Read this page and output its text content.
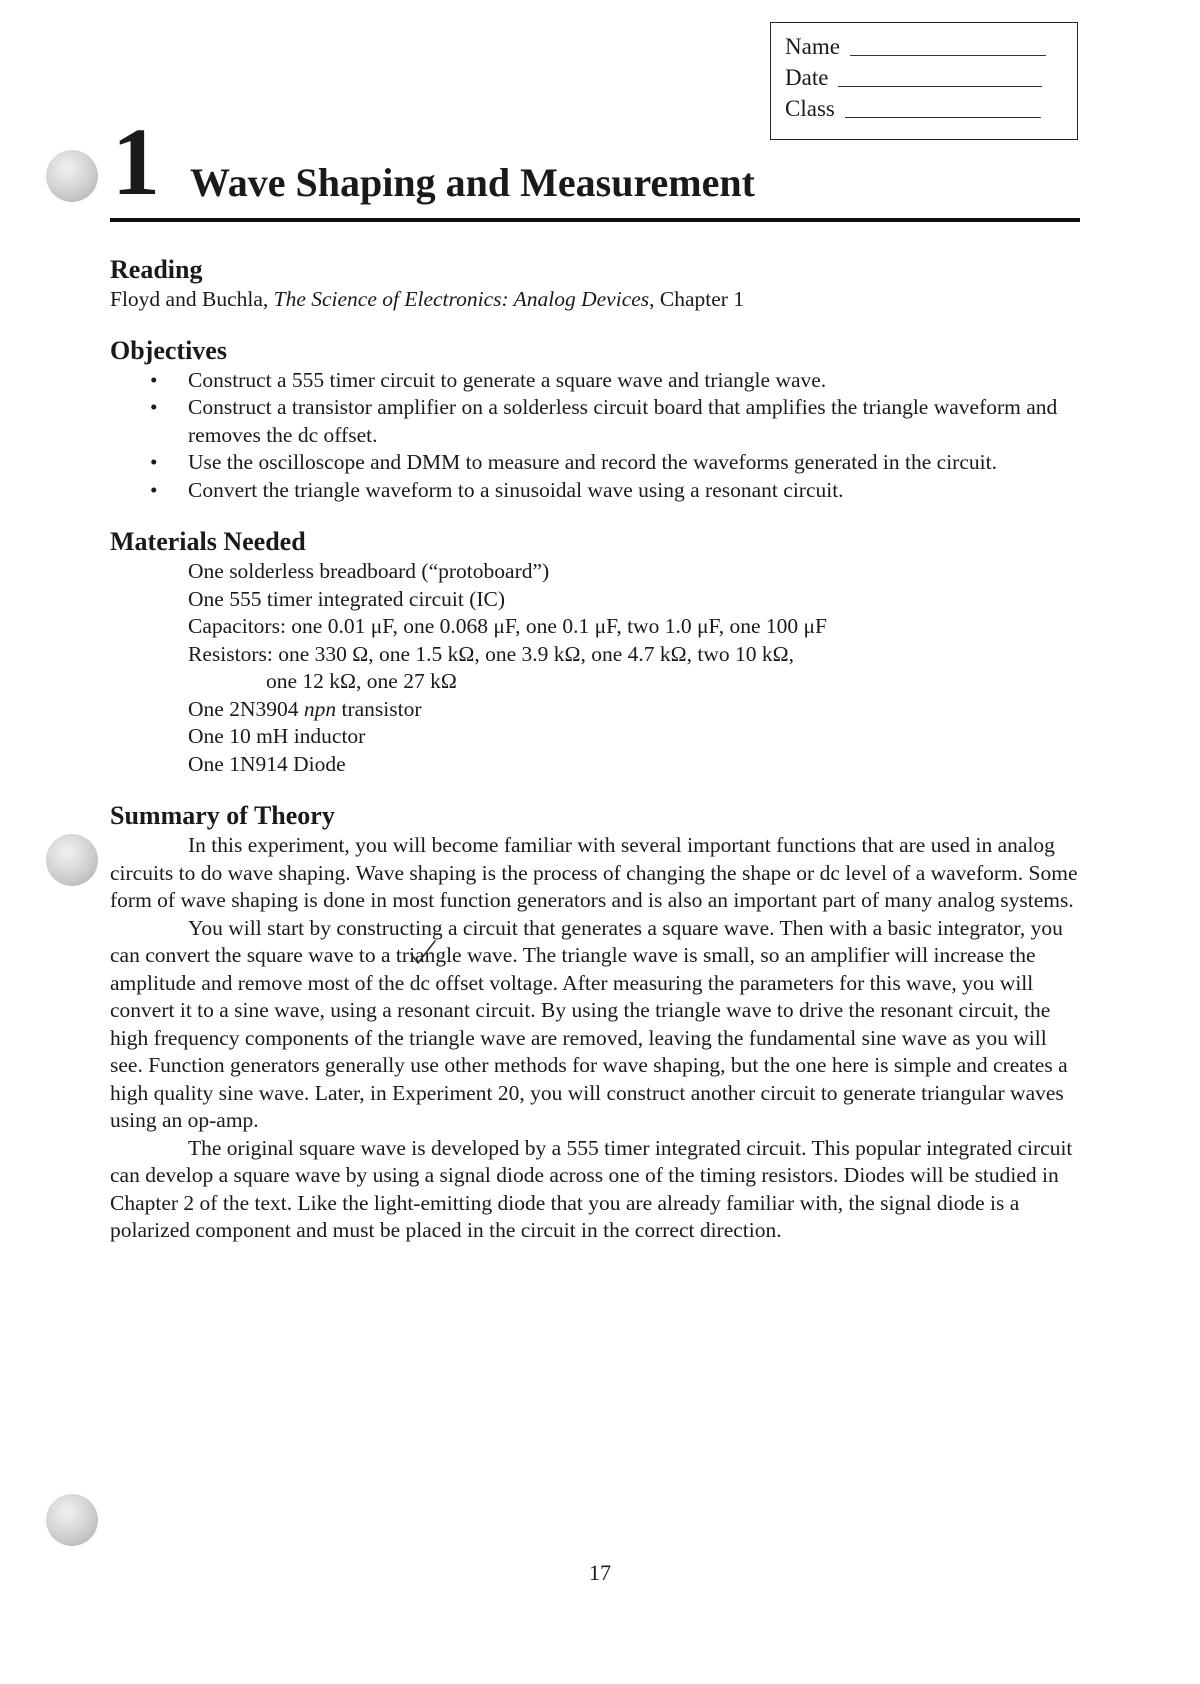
Name
Date
Class
1 Wave Shaping and Measurement
Reading

Floyd and Buchla, The Science of Electronics: Analog Devices, Chapter 1

Objectives
• Construct a 555 timer circuit to generate a square wave and triangle wave.
• Construct a transistor amplifier on a solderless circuit board that amplifies the triangle waveform and removes the dc offset.
• Use the oscilloscope and DMM to measure and record the waveforms generated in the circuit.
• Convert the triangle waveform to a sinusoidal wave using a resonant circuit.
Materials Needed

One solderless breadboard (“protoboard”)

One 555 timer integrated circuit (IC)

Capacitors: one 0.01 μF, one 0.068 μF, one 0.1 μF, two 1.0 μF, one 100 μF

Resistors: one 330 Ω, one 1.5 kΩ, one 3.9 kΩ, one 4.7 kΩ, two 10 kΩ,

one 12 kΩ, one 27 kΩ

One 2N3904 npn transistor

One 10 mH inductor

One 1N914 Diode

Summary of Theory

In this experiment, you will become familiar with several important functions that are used in analog circuits to do wave shaping. Wave shaping is the process of changing the shape or dc level of a waveform. Some form of wave shaping is done in most function generators and is also an important part of many analog systems.

You will start by constructing a circuit that generates a square wave. Then with a basic integrator, you can convert the square wave to a triangle wave. The triangle wave is small, so an amplifier will increase the amplitude and remove most of the dc offset voltage. After measuring the parameters for this wave, you will convert it to a sine wave, using a resonant circuit. By using the triangle wave to drive the resonant circuit, the high frequency components of the triangle wave are removed, leaving the fundamental sine wave as you will see. Function generators generally use other methods for wave shaping, but the one here is simple and creates a high quality sine wave. Later, in Experiment 20, you will construct another circuit to generate triangular waves using an op-amp.

The original square wave is developed by a 555 timer integrated circuit. This popular integrated circuit can develop a square wave by using a signal diode across one of the timing resistors. Diodes will be studied in Chapter 2 of the text. Like the light-emitting diode that you are already familiar with, the signal diode is a polarized component and must be placed in the circuit in the correct direction.

17
